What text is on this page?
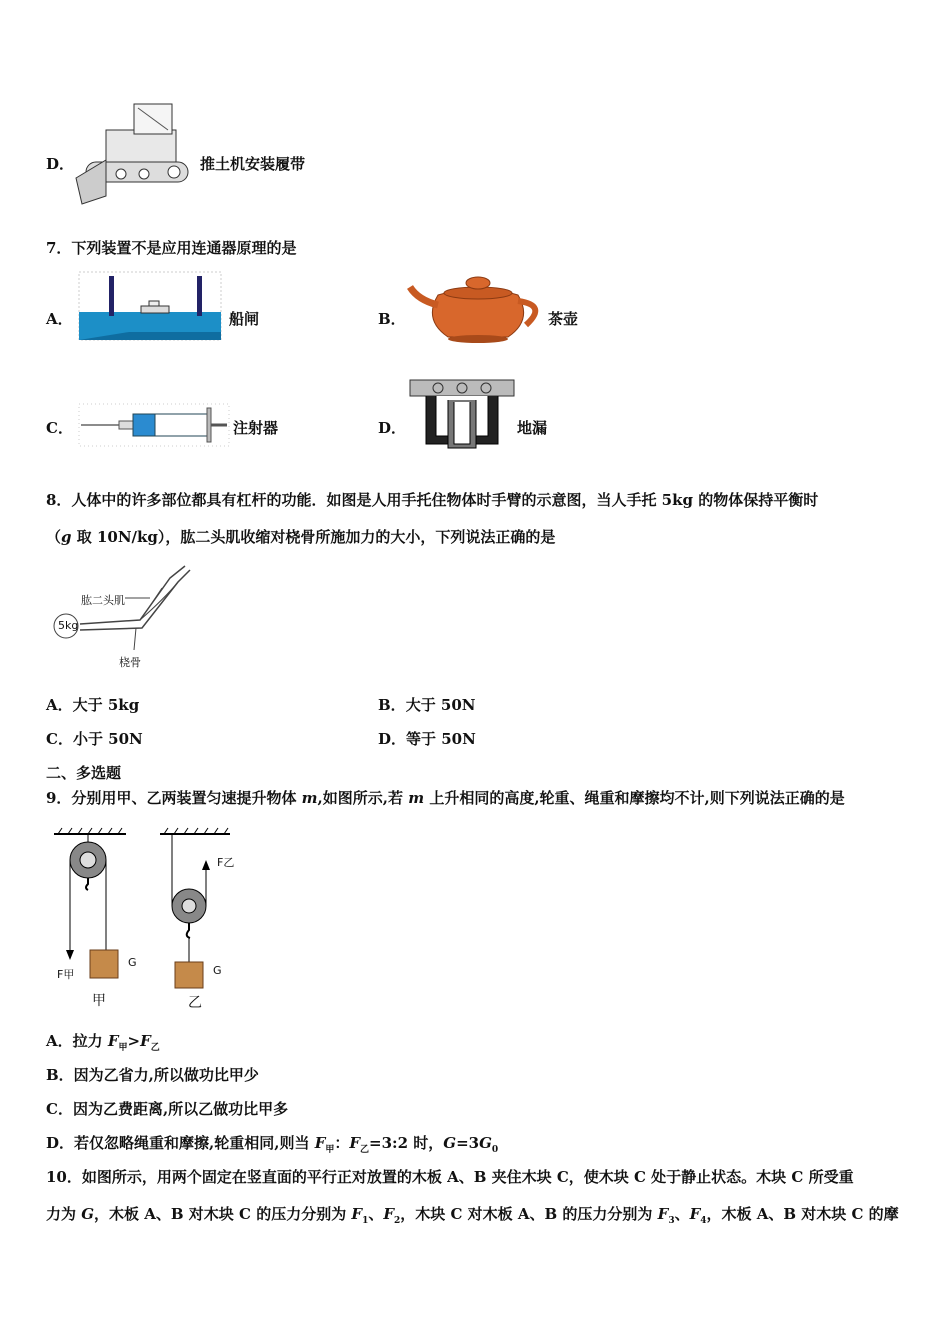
D．	推土机安装履带
7．下列装置不是应用连通器原理的是
A．	船闸	B．	茶壶
C．	注射器	D．	地漏
8．人体中的许多部位都具有杠杆的功能．如图是人用手托住物体时手臂的示意图，当人手托 5kg 的物体保持平衡时
（g 取 10N/kg），肱二头肌收缩对桡骨所施加力的大小，下列说法正确的是
肱二头肌
5kg
桡骨
A．大于 5kg	B．大于 50N
C．小于 50N	D．等于 50N
二、多选题
9．分别用甲、乙两装置匀速提升物体 m,如图所示,若 m 上升相同的高度,轮重、绳重和摩擦均不计,则下列说法正确的是
F甲
G
F乙
G
甲	乙
A．拉力 $F_甲>F_乙$
B．因为乙省力,所以做功比甲少
C．因为乙费距离,所以乙做功比甲多
D．若仅忽略绳重和摩擦,轮重相同,则当 $F_甲$：$F_乙=3:2$ 时，$G=3G_0$
10．如图所示，用两个固定在竖直面的平行正对放置的木板 A、B 夹住木块 C，使木块 C 处于静止状态。木块 C 所受重
力为 G，木板 A、B 对木块 C 的压力分别为 $F_1$、$F_2$，木块 C 对木板 A、B 的压力分别为 $F_3$、$F_4$，木板 A、B 对木块 C 的摩
